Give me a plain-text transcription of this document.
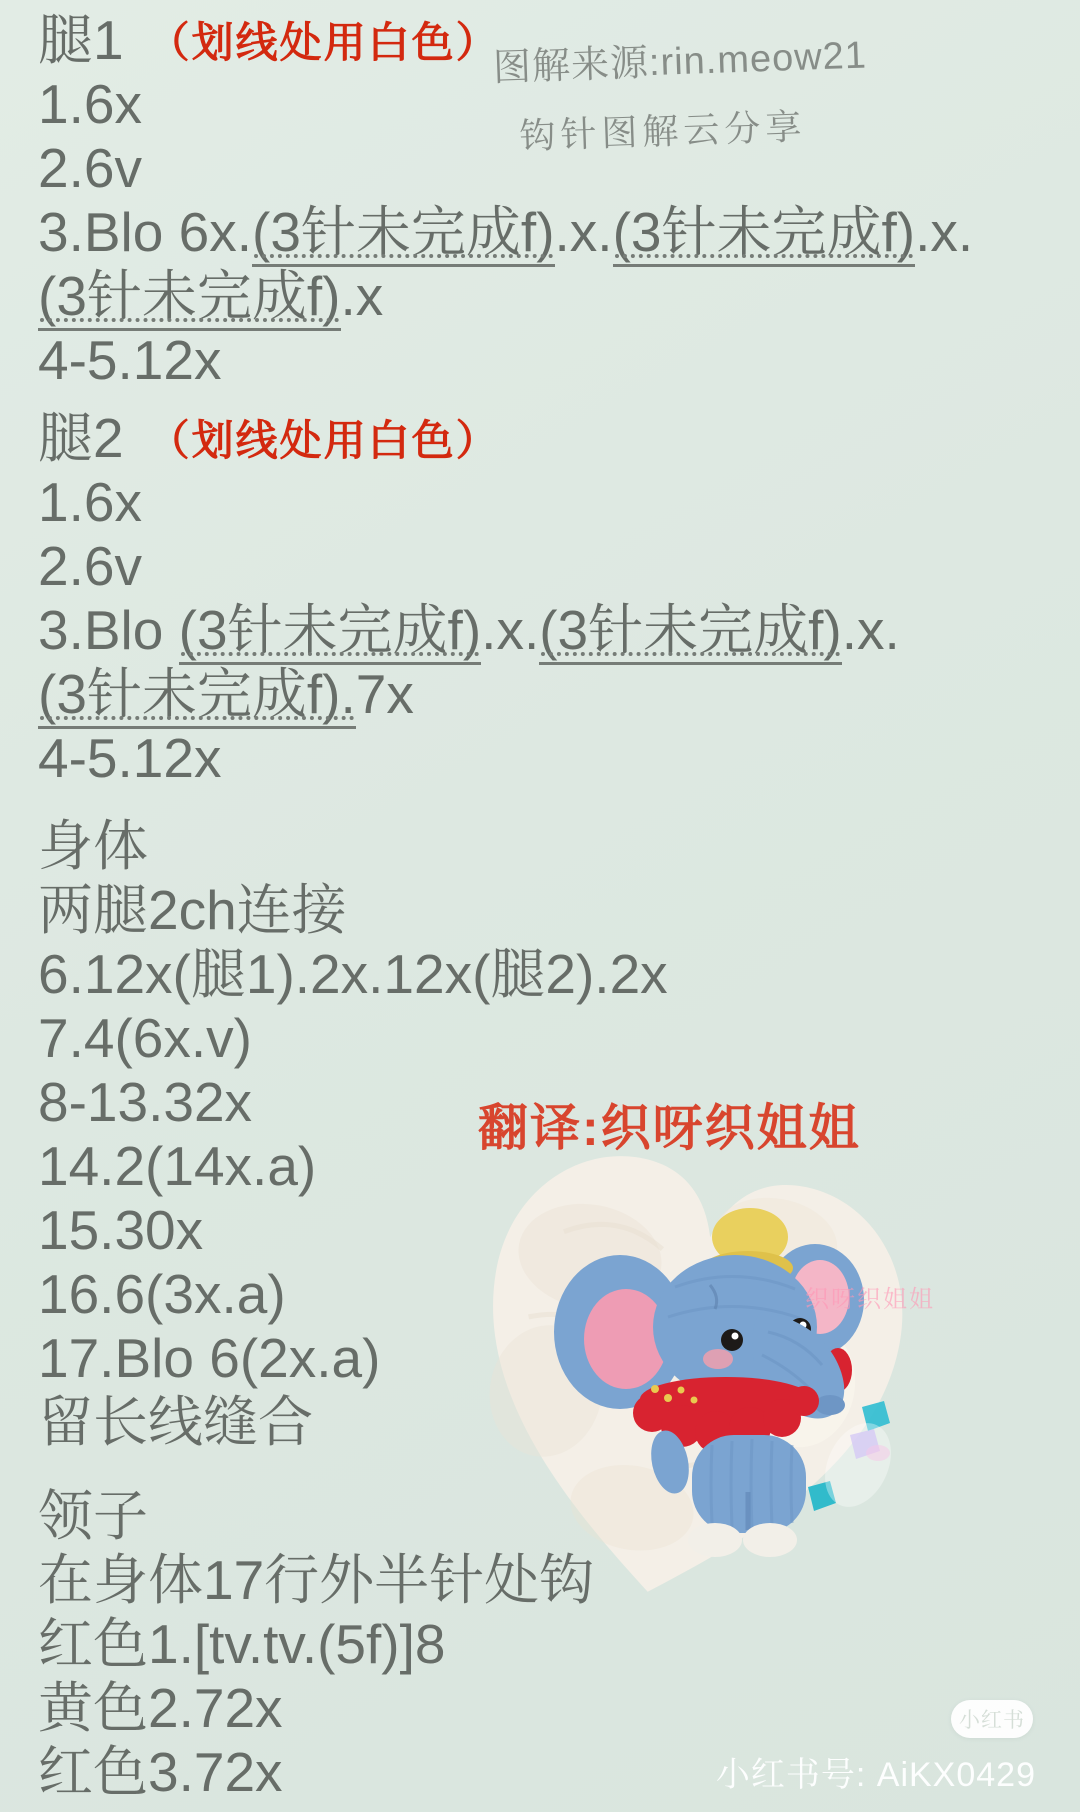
图解来源:rin.meow21
钩针图解云分享
腿1 （划线处用白色）
1.6x
2.6v
3.Blo 6x.(3针未完成f).x.(3针未完成f).x.
(3针未完成f).x
4-5.12x
腿2 （划线处用白色）
1.6x
2.6v
3.Blo (3针未完成f).x.(3针未完成f).x.
(3针未完成f).7x
4-5.12x
身体
两腿2ch连接
6.12x(腿1).2x.12x(腿2).2x
7.4(6x.v)
8-13.32x
14.2(14x.a)
15.30x
16.6(3x.a)
17.Blo 6(2x.a)
留长线缝合
领子
在身体17行外半针处钩
红色1.[tv.tv.(5f)]8
黄色2.72x
红色3.72x
翻译:织呀织姐姐
织呀织姐姐
小红书
小红书号: AiKX0429
